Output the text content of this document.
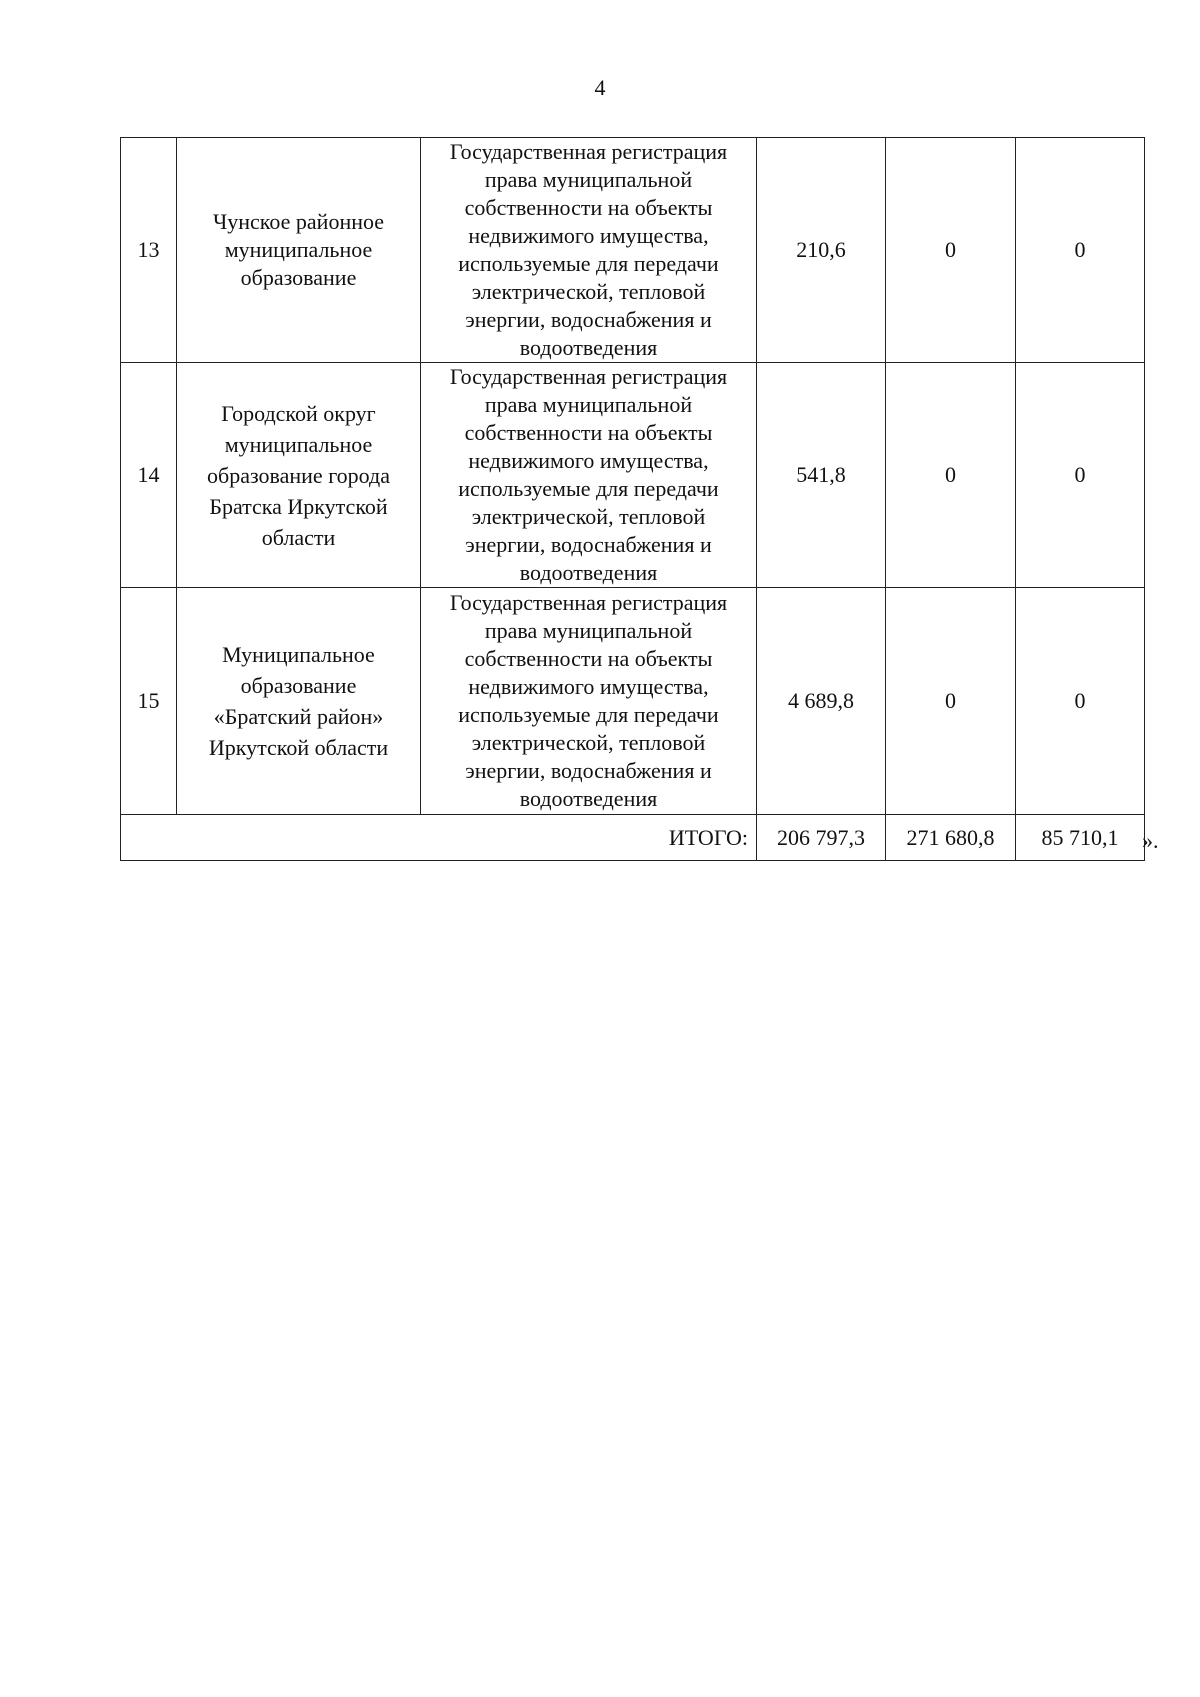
4
13	Чунское районное муниципальное образование	Государственная регистрация права муниципальной собственности на объекты недвижимого имущества, используемые для передачи электрической, тепловой энергии, водоснабжения и водоотведения	210,6	0	0
14	Городской округ муниципальное образование города Братска Иркутской области	Государственная регистрация права муниципальной собственности на объекты недвижимого имущества, используемые для передачи электрической, тепловой энергии, водоснабжения и водоотведения	541,8	0	0
15	Муниципальное образование «Братский район» Иркутской области	Государственная регистрация права муниципальной собственности на объекты недвижимого имущества, используемые для передачи электрической, тепловой энергии, водоснабжения и водоотведения	4 689,8	0	0
ИТОГО:			206 797,3	271 680,8	85 710,1 ».
